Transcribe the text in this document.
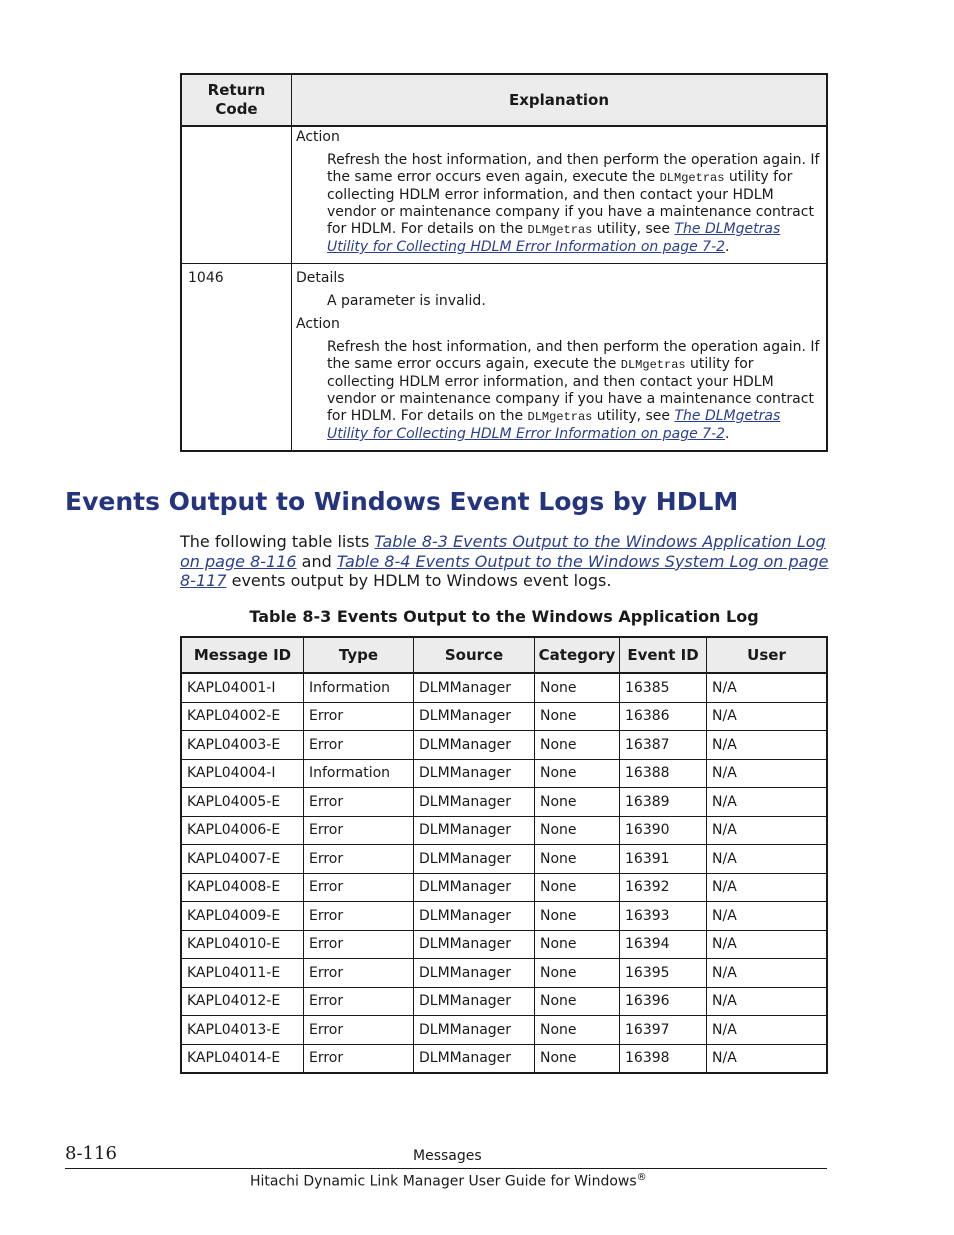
Return Code	Explanation

	Action

Refresh the host information, and then perform the operation again. If the same error occurs even again, execute the DLMgetras utility for collecting HDLM error information, and then contact your HDLM vendor or maintenance company if you have a maintenance contract for HDLM. For details on the DLMgetras utility, see The DLMgetras Utility for Collecting HDLM Error Information on page 7-2.

1046	Details

A parameter is invalid.

Action

Refresh the host information, and then perform the operation again. If the same error occurs again, execute the DLMgetras utility for collecting HDLM error information, and then contact your HDLM vendor or maintenance company if you have a maintenance contract for HDLM. For details on the DLMgetras utility, see The DLMgetras Utility for Collecting HDLM Error Information on page 7-2.

Events Output to Windows Event Logs by HDLM

The following table lists Table 8-3 Events Output to the Windows Application Log on page 8-116 and Table 8-4 Events Output to the Windows System Log on page 8-117 events output by HDLM to Windows event logs.

Table 8-3 Events Output to the Windows Application Log

Message ID	Type	Source	Category	Event ID	User
KAPL04001-I	Information	DLMManager	None	16385	N/A
KAPL04002-E	Error	DLMManager	None	16386	N/A
KAPL04003-E	Error	DLMManager	None	16387	N/A
KAPL04004-I	Information	DLMManager	None	16388	N/A
KAPL04005-E	Error	DLMManager	None	16389	N/A
KAPL04006-E	Error	DLMManager	None	16390	N/A
KAPL04007-E	Error	DLMManager	None	16391	N/A
KAPL04008-E	Error	DLMManager	None	16392	N/A
KAPL04009-E	Error	DLMManager	None	16393	N/A
KAPL04010-E	Error	DLMManager	None	16394	N/A
KAPL04011-E	Error	DLMManager	None	16395	N/A
KAPL04012-E	Error	DLMManager	None	16396	N/A
KAPL04013-E	Error	DLMManager	None	16397	N/A
KAPL04014-E	Error	DLMManager	None	16398	N/A
8-116	Messages
Hitachi Dynamic Link Manager User Guide for Windows®
